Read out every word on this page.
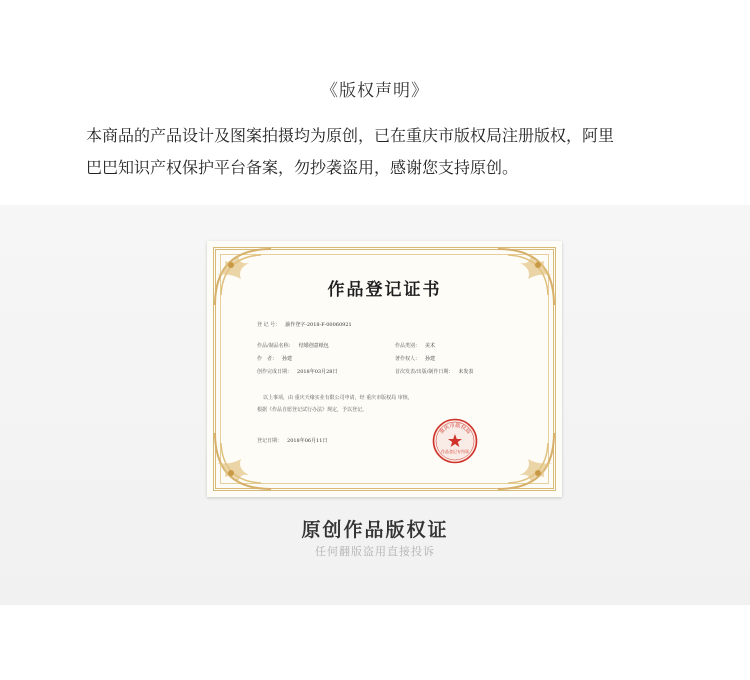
《版权声明》
本商品的产品设计及图案拍摄均为原创，已在重庆市版权局注册版权，阿里
巴巴知识产权保护平台备案，勿抄袭盗用，感谢您支持原创。
作品登记证书
登 记 号： 渝作登字-2018-F-00060921
作品/制品名称： 结婚创意纸包	作品类别： 美术
作　者： 孙建	著作权人： 孙建
创作完成日期： 2018年03月28日	首次发表/出版/制作日期： 未发表
以上事项，由 重庆天缘实业有限公司申请，经 重庆市版权局 审核，
根据《作品自愿登记试行办法》规定，予以登记。
登记日期： 2018年06月11日
重庆市版权局
作品登记专用章
原创作品版权证
任何翻版盗用直接投诉
